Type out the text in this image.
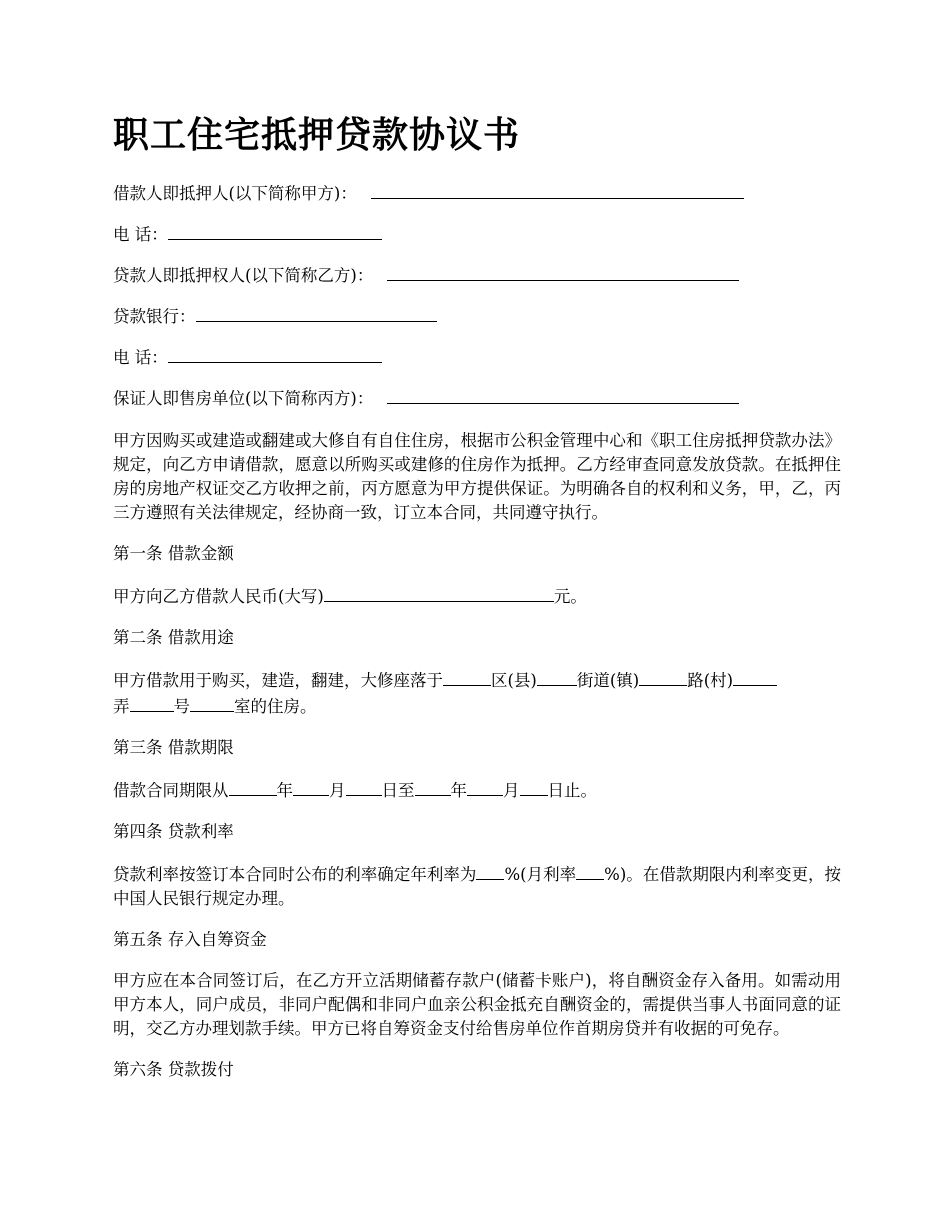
职工住宅抵押贷款协议书

借款人即抵押人(以下简称甲方)：

电 话：

贷款人即抵押权人(以下简称乙方)：

贷款银行：

电 话：

保证人即售房单位(以下简称丙方)：

甲方因购买或建造或翻建或大修自有自住住房，根据市公积金管理中心和《职工住房抵押贷款办法》规定，向乙方申请借款，愿意以所购买或建修的住房作为抵押。乙方经审查同意发放贷款。在抵押住房的房地产权证交乙方收押之前，丙方愿意为甲方提供保证。为明确各自的权利和义务，甲，乙，丙三方遵照有关法律规定，经协商一致，订立本合同，共同遵守执行。

第一条 借款金额

甲方向乙方借款人民币(大写)	元。

第二条 借款用途

甲方借款用于购买，建造，翻建，大修座落于	区(县) 街道(镇)	路(村)
弄	号	室的住房。

第三条 借款期限

借款合同期限从	年 月 日至 年 月 日止。

第四条 贷款利率

贷款利率按签订本合同时公布的利率确定年利率为 %(月利率 %)。在借款期限内利率变更，按中国人民银行规定办理。

第五条 存入自筹资金

甲方应在本合同签订后，在乙方开立活期储蓄存款户(储蓄卡账户)，将自酬资金存入备用。如需动用甲方本人，同户成员，非同户配偶和非同户血亲公积金抵充自酬资金的，需提供当事人书面同意的证明，交乙方办理划款手续。甲方已将自筹资金支付给售房单位作首期房贷并有收据的可免存。

第六条 贷款拨付
